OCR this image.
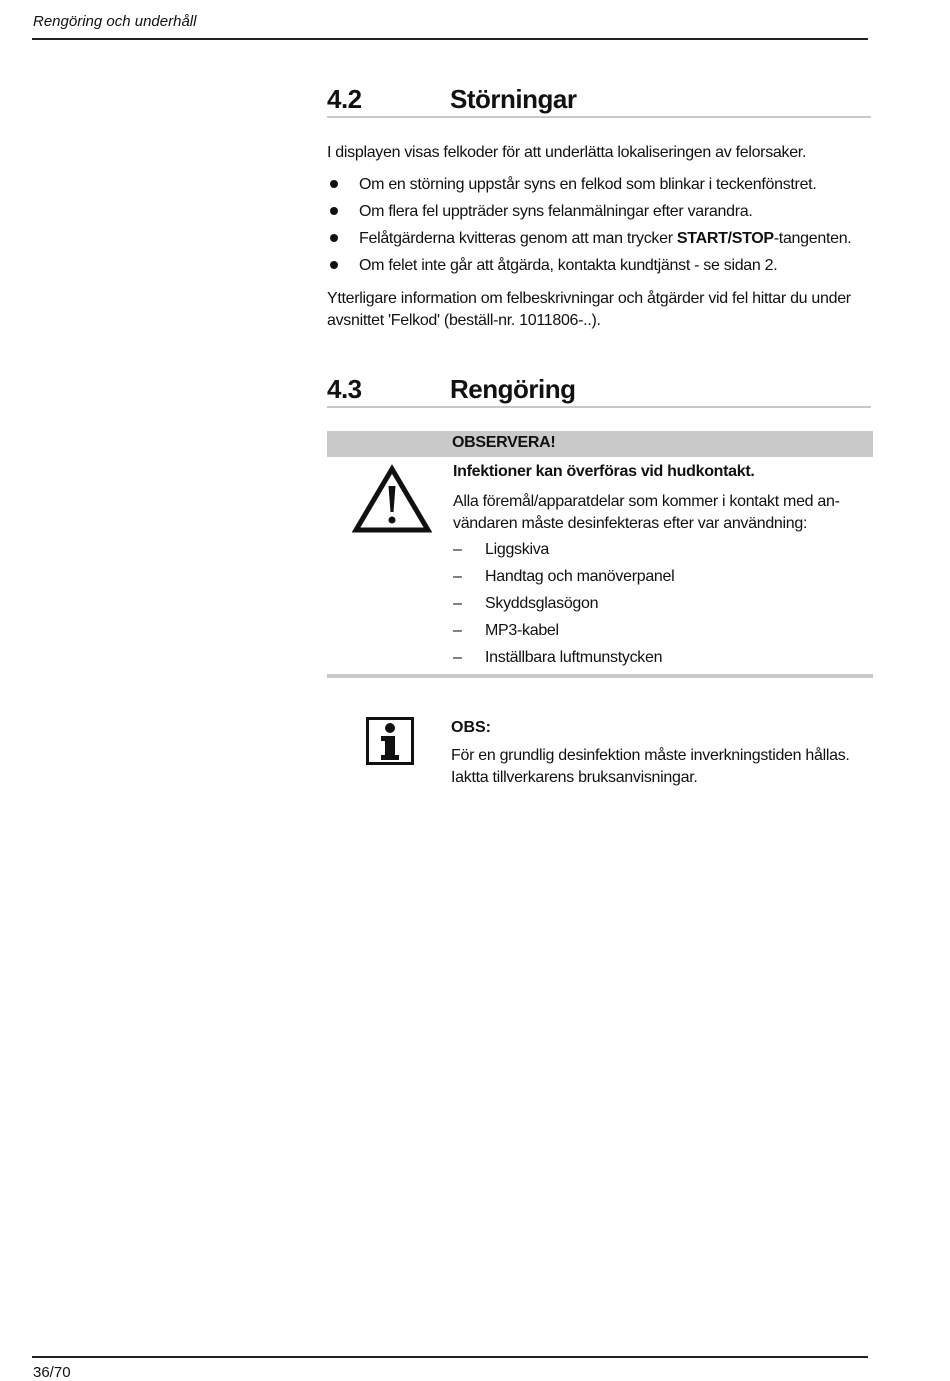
Rengöring och underhåll
4.2	Störningar
I displayen visas felkoder för att underlätta lokaliseringen av felorsaker.
Om en störning uppstår syns en felkod som blinkar i teckenfönstret.
Om flera fel uppträder syns felanmälningar efter varandra.
Felåtgärderna kvitteras genom att man trycker START/STOP-tangenten.
Om felet inte går att åtgärda, kontakta kundtjänst - se sidan 2.
Ytterligare information om felbeskrivningar och åtgärder vid fel hittar du under
avsnittet 'Felkod' (beställ-nr. 1011806-..).
4.3	Rengöring
OBSERVERA!
Infektioner kan överföras vid hudkontakt.
Alla föremål/apparatdelar som kommer i kontakt med an-
vändaren måste desinfekteras efter var användning:
– Liggskiva
– Handtag och manöverpanel
– Skyddsglasögon
– MP3-kabel
– Inställbara luftmunstycken
OBS:
För en grundlig desinfektion måste inverkningstiden hållas.
Iaktta tillverkarens bruksanvisningar.
36/70
